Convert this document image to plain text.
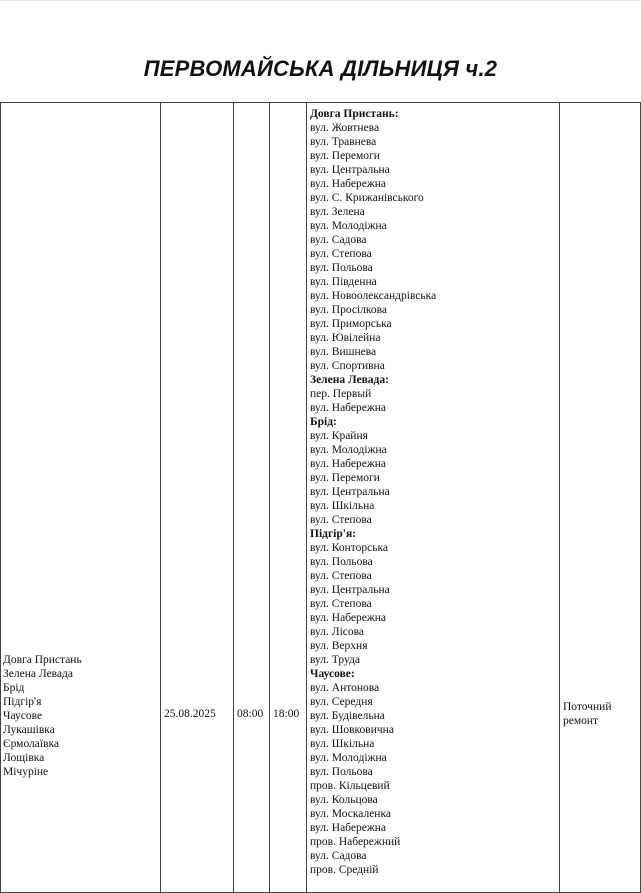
ПЕРВОМАЙСЬКА ДІЛЬНИЦЯ ч.2
Довга Пристань
Зелена Левада
Брід
Підгір'я
Чаусове
Лукашівка
Єрмолаївка
Лощівка
Мічуріне

25.08.2025	08:00	18:00

Довга Пристань:
вул. Жовтнева
вул. Травнева
вул. Перемоги
вул. Центральна
вул. Набережна
вул. С. Крижанівського
вул. Зелена
вул. Молодіжна
вул. Садова
вул. Степова
вул. Польова
вул. Південна
вул. Новоолександрівська
вул. Просілкова
вул. Приморська
вул. Ювілейна
вул. Вишнева
вул. Спортивна
Зелена Левада:
пер. Первый
вул. Набережна
Брід:
вул. Крайня
вул. Молодіжна
вул. Набережна
вул. Перемоги
вул. Центральна
вул. Шкільна
вул. Степова
Підгір'я:
вул. Конторська
вул. Польова
вул. Степова
вул. Центральна
вул. Степова
вул. Набережна
вул. Лісова
вул. Верхня
вул. Труда
Чаусове:
вул. Антонова
вул. Середня
вул. Будівельна
вул. Шовковична
вул. Шкільна
вул. Молодіжна
вул. Польова
пров. Кільцевий
вул. Кольцова
вул. Москаленка
вул. Набережна
пров. Набережний
вул. Садова
пров. Средній

Поточний ремонт
